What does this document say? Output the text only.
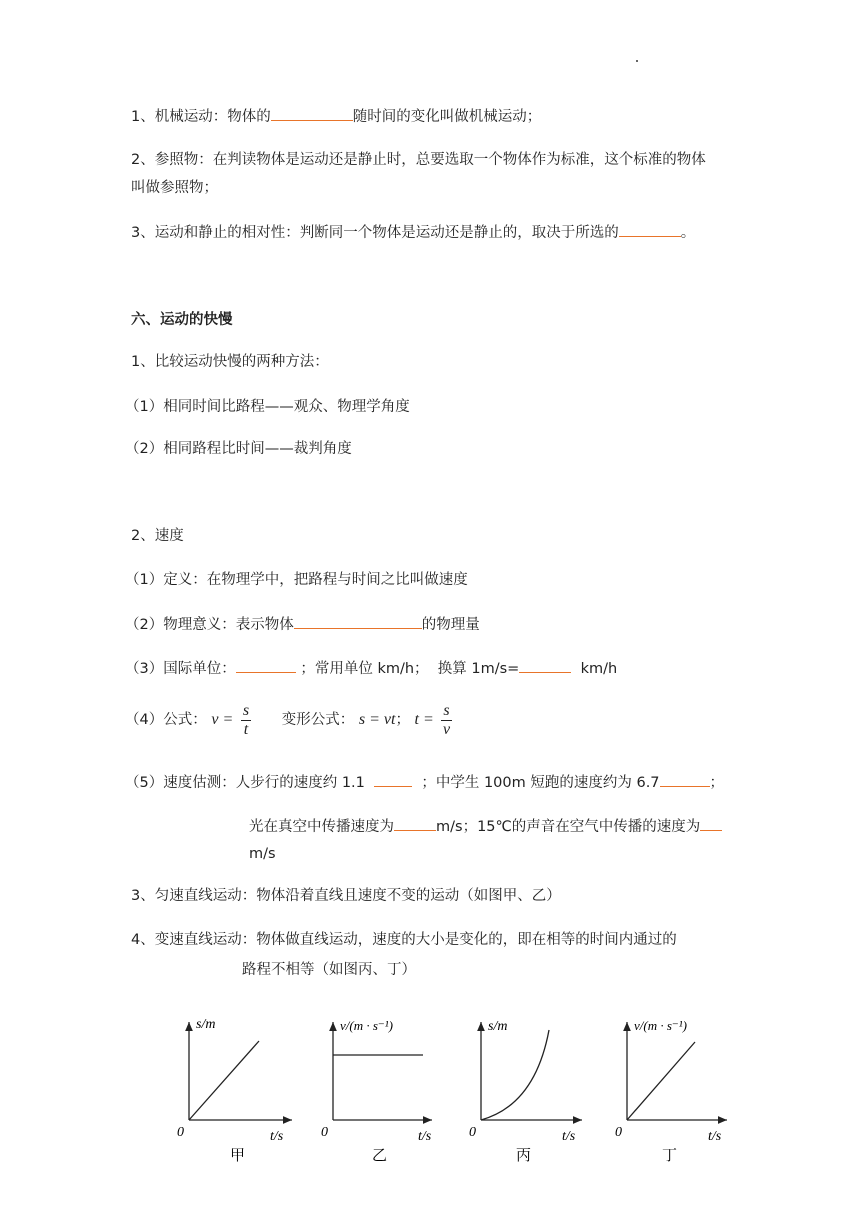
1、机械运动：物体的	随时间的变化叫做机械运动；
2、参照物：在判读物体是运动还是静止时，总要选取一个物体作为标准，这个标准的物体
叫做参照物；
3、运动和静止的相对性：判断同一个物体是运动还是静止的，取决于所选的	。
六、运动的快慢
1、比较运动快慢的两种方法：
（1）相同时间比路程——观众、物理学角度
（2）相同路程比时间——裁判角度
2、速度
（1）定义：在物理学中，把路程与时间之比叫做速度
（2）物理意义：表示物体	的物理量
（3）国际单位：	；常用单位 km/h； 换算 1m/s=	km/h
（4）公式： $v = \frac{s}{t}$ 变形公式： s = vt； $t = \frac{s}{v}$
（5）速度估测：人步行的速度约 1.1	；中学生 100m 短跑的速度约为 6.7	；
光在真空中传播速度为	m/s；15℃的声音在空气中传播的速度为
m/s
3、匀速直线运动：物体沿着直线且速度不变的运动（如图甲、乙）
4、变速直线运动：物体做直线运动，速度的大小是变化的，即在相等的时间内通过的
路程不相等（如图丙、丁）
s/m
t/s
0
甲
v/(m · s⁻¹)
t/s
0
乙
s/m
t/s
0
丙
v/(m · s⁻¹)
t/s
0
丁
